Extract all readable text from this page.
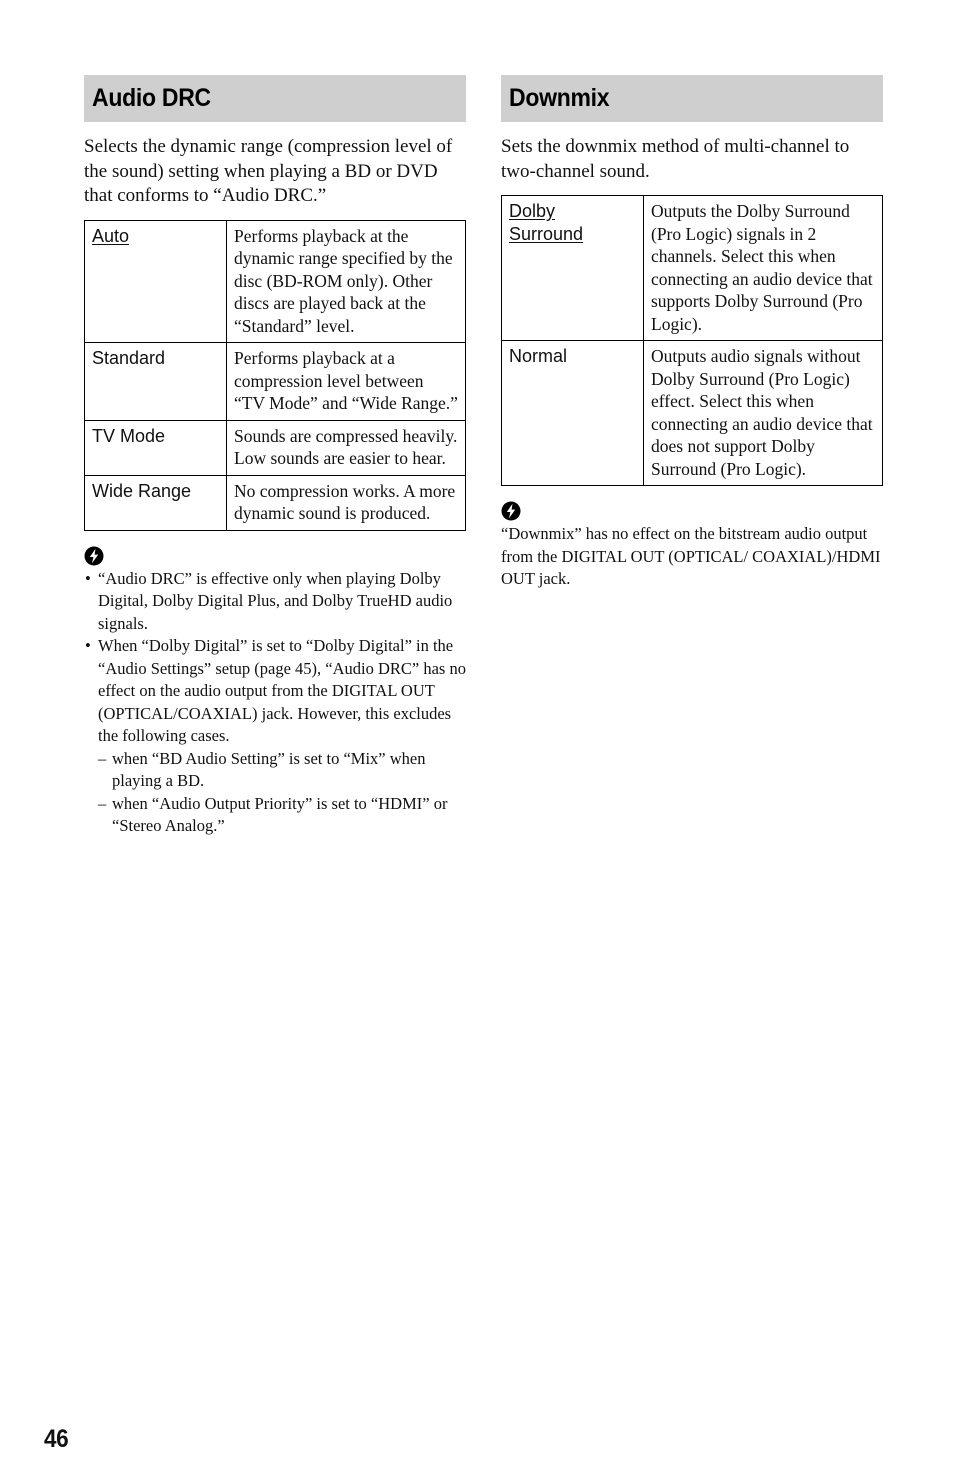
Audio DRC

Selects the dynamic range (compression level of the sound) setting when playing a BD or DVD that conforms to “Audio DRC.”

Auto	Performs playback at the dynamic range specified by the disc (BD-ROM only). Other discs are played back at the “Standard” level.
Standard	Performs playback at a compression level between “TV Mode” and “Wide Range.”
TV Mode	Sounds are compressed heavily. Low sounds are easier to hear.
Wide Range	No compression works. A more dynamic sound is produced.
• “Audio DRC” is effective only when playing Dolby Digital, Dolby Digital Plus, and Dolby TrueHD audio signals.
• When “Dolby Digital” is set to “Dolby Digital” in the “Audio Settings” setup (page 45), “Audio DRC” has no effect on the audio output from the DIGITAL OUT (OPTICAL/COAXIAL) jack. However, this excludes the following cases.
– when “BD Audio Setting” is set to “Mix” when playing a BD.
– when “Audio Output Priority” is set to “HDMI” or “Stereo Analog.”
Downmix

Sets the downmix method of multi-channel to two-channel sound.

Dolby
Surround	Outputs the Dolby Surround (Pro Logic) signals in 2 channels. Select this when connecting an audio device that supports Dolby Surround (Pro Logic).
Normal	Outputs audio signals without Dolby Surround (Pro Logic) effect. Select this when connecting an audio device that does not support Dolby Surround (Pro Logic).

“Downmix” has no effect on the bitstream audio output from the DIGITAL OUT (OPTICAL/ COAXIAL)/HDMI OUT jack.

46
